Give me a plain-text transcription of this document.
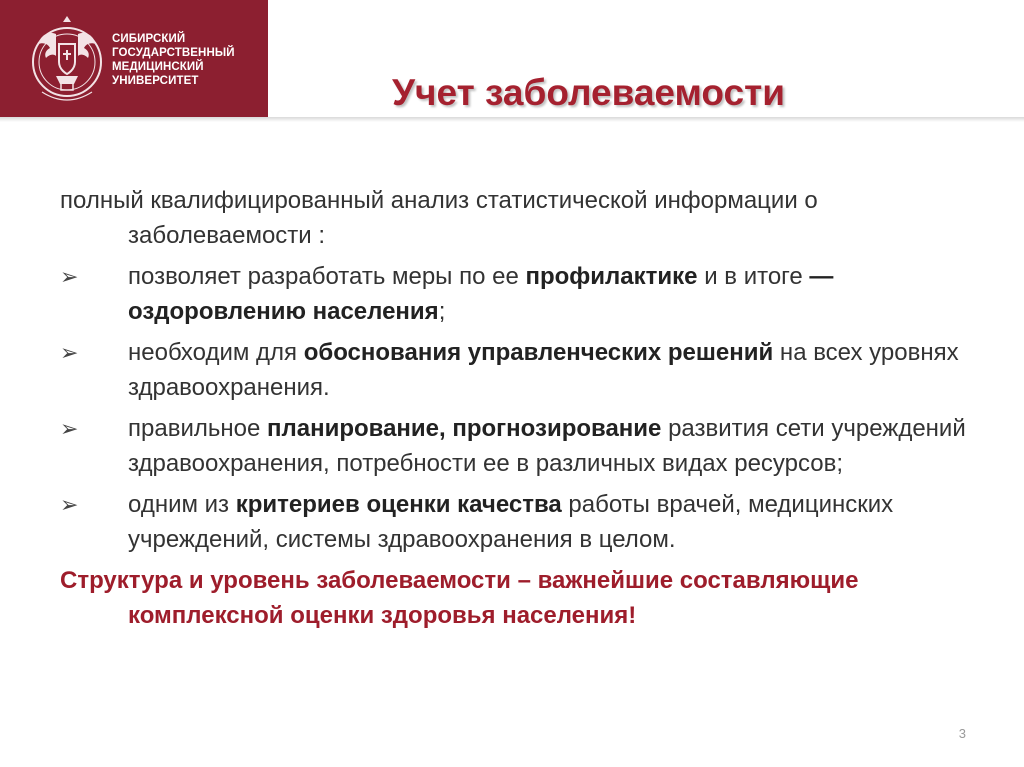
СИБИРСКИЙ
ГОСУДАРСТВЕННЫЙ
МЕДИЦИНСКИЙ
УНИВЕРСИТЕТ	Учет заболеваемости

полный квалифицированный анализ статистической информации о заболеваемости :

➢ позволяет разработать меры по ее профилактике и в итоге — оздоровлению населения;
➢ необходим для обоснования управленческих решений на всех уровнях здравоохранения.
➢ правильное планирование, прогнозирование развития сети учреждений здравоохранения, потребности ее в различных видах ресурсов;
➢ одним из критериев оценки качества работы врачей, медицинских учреждений, системы здравоохранения в целом.

Структура и уровень заболеваемости – важнейшие составляющие комплексной оценки здоровья населения!

3
